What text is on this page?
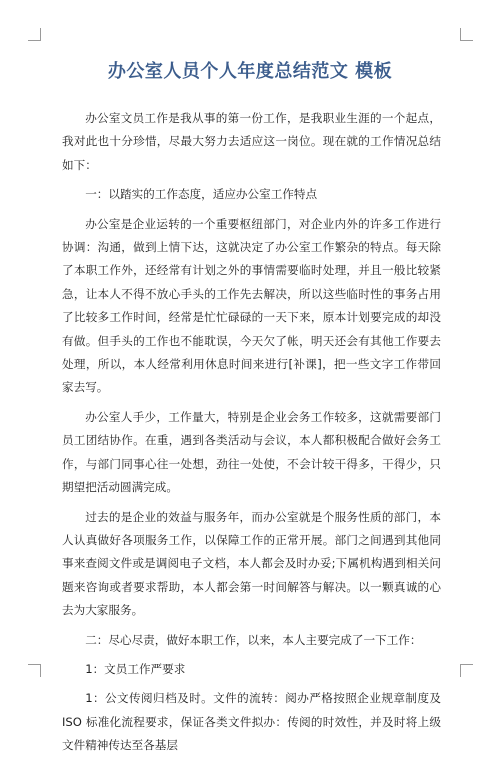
办公室人员个人年度总结范文 模板

办公室文员工作是我从事的第一份工作，是我职业生涯的一个起点，我对此也十分珍惜，尽最大努力去适应这一岗位。现在就的工作情况总结如下：

一：以踏实的工作态度，适应办公室工作特点

办公室是企业运转的一个重要枢纽部门，对企业内外的许多工作进行协调：沟通，做到上情下达，这就决定了办公室工作繁杂的特点。每天除了本职工作外，还经常有计划之外的事情需要临时处理，并且一般比较紧急，让本人不得不放心手头的工作先去解决，所以这些临时性的事务占用了比较多工作时间，经常是忙忙碌碌的一天下来，原本计划要完成的却没有做。但手头的工作也不能耽误，今天欠了帐，明天还会有其他工作要去处理，所以，本人经常利用休息时间来进行[补课]，把一些文字工作带回家去写。

办公室人手少，工作量大，特别是企业会务工作较多，这就需要部门员工团结协作。在重，遇到各类活动与会议，本人都积极配合做好会务工作，与部门同事心往一处想，劲往一处使，不会计较干得多，干得少，只期望把活动圆满完成。

过去的是企业的效益与服务年，而办公室就是个服务性质的部门，本人认真做好各项服务工作，以保障工作的正常开展。部门之间遇到其他同事来查阅文件或是调阅电子文档，本人都会及时办妥;下属机构遇到相关问题来咨询或者要求帮助，本人都会第一时间解答与解决。以一颗真诚的心去为大家服务。

二：尽心尽责，做好本职工作，以来，本人主要完成了一下工作：

1：文员工作严要求

1：公文传阅归档及时。文件的流转：阅办严格按照企业规章制度及 ISO 标准化流程要求，保证各类文件拟办：传阅的时效性，并及时将上级文件精神传达至各基层
